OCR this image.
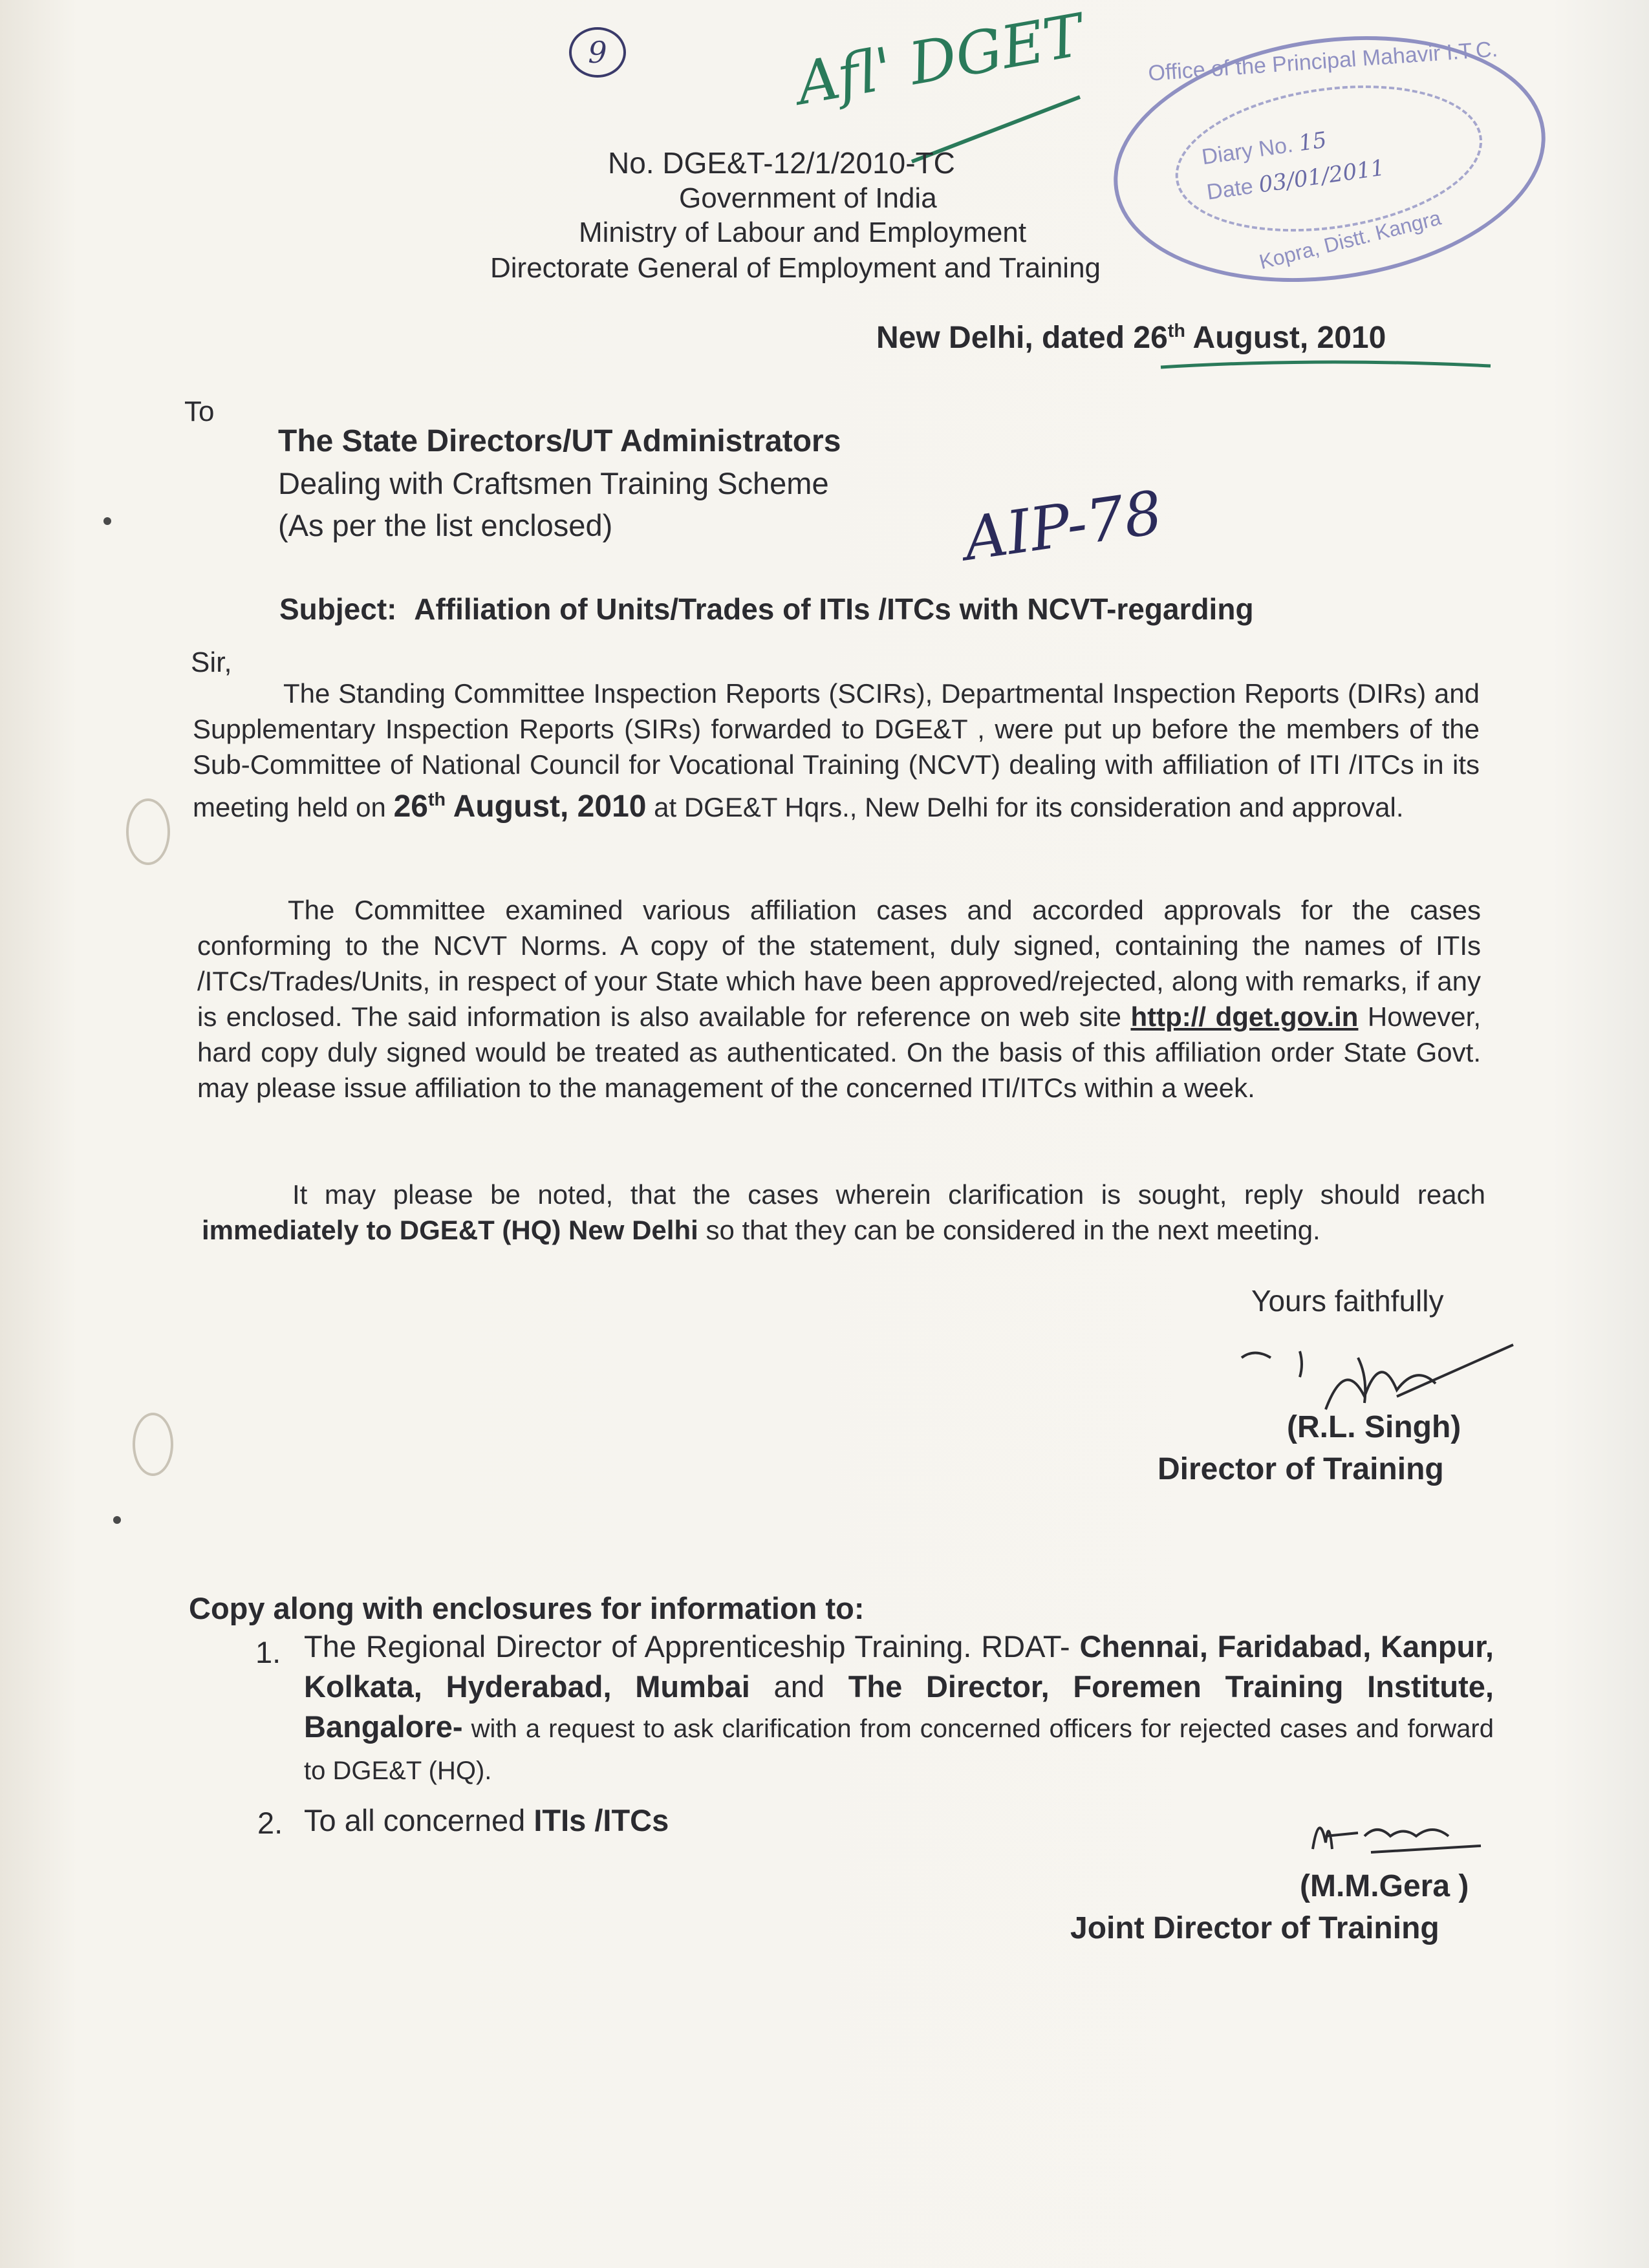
9	Afl' DGET	Office of the Principal Mahavir I.T.C.
Diary No. 15
Date 03/01/2011
Kopra, Distt. Kangra
No. DGE&T-12/1/2010-TC
Government of India
Ministry of Labour and Employment
Directorate General of Employment and Training
New Delhi, dated 26th August, 2010
To
The State Directors/UT Administrators
Dealing with Craftsmen Training Scheme
(As per the list enclosed)	AIP-78
Subject: Affiliation of Units/Trades of ITIs /ITCs with NCVT-regarding
Sir,
The Standing Committee Inspection Reports (SCIRs), Departmental Inspection Reports (DIRs) and Supplementary Inspection Reports (SIRs) forwarded to DGE&T , were put up before the members of the Sub-Committee of National Council for Vocational Training (NCVT) dealing with affiliation of ITI /ITCs in its meeting held on 26th August, 2010 at DGE&T Hqrs., New Delhi for its consideration and approval.
The Committee examined various affiliation cases and accorded approvals for the cases conforming to the NCVT Norms. A copy of the statement, duly signed, containing the names of ITIs /ITCs/Trades/Units, in respect of your State which have been approved/rejected, along with remarks, if any is enclosed. The said information is also available for reference on web site http:// dget.gov.in However, hard copy duly signed would be treated as authenticated. On the basis of this affiliation order State Govt. may please issue affiliation to the management of the concerned ITI/ITCs within a week.
It may please be noted, that the cases wherein clarification is sought, reply should reach immediately to DGE&T (HQ) New Delhi so that they can be considered in the next meeting.
Yours faithfully
(R.L. Singh)
Director of Training
Copy along with enclosures for information to:
1. The Regional Director of Apprenticeship Training. RDAT- Chennai, Faridabad, Kanpur, Kolkata, Hyderabad, Mumbai and The Director, Foremen Training Institute, Bangalore- with a request to ask clarification from concerned officers for rejected cases and forward to DGE&T (HQ).
2. To all concerned ITIs /ITCs
(M.M.Gera )
Joint Director of Training
